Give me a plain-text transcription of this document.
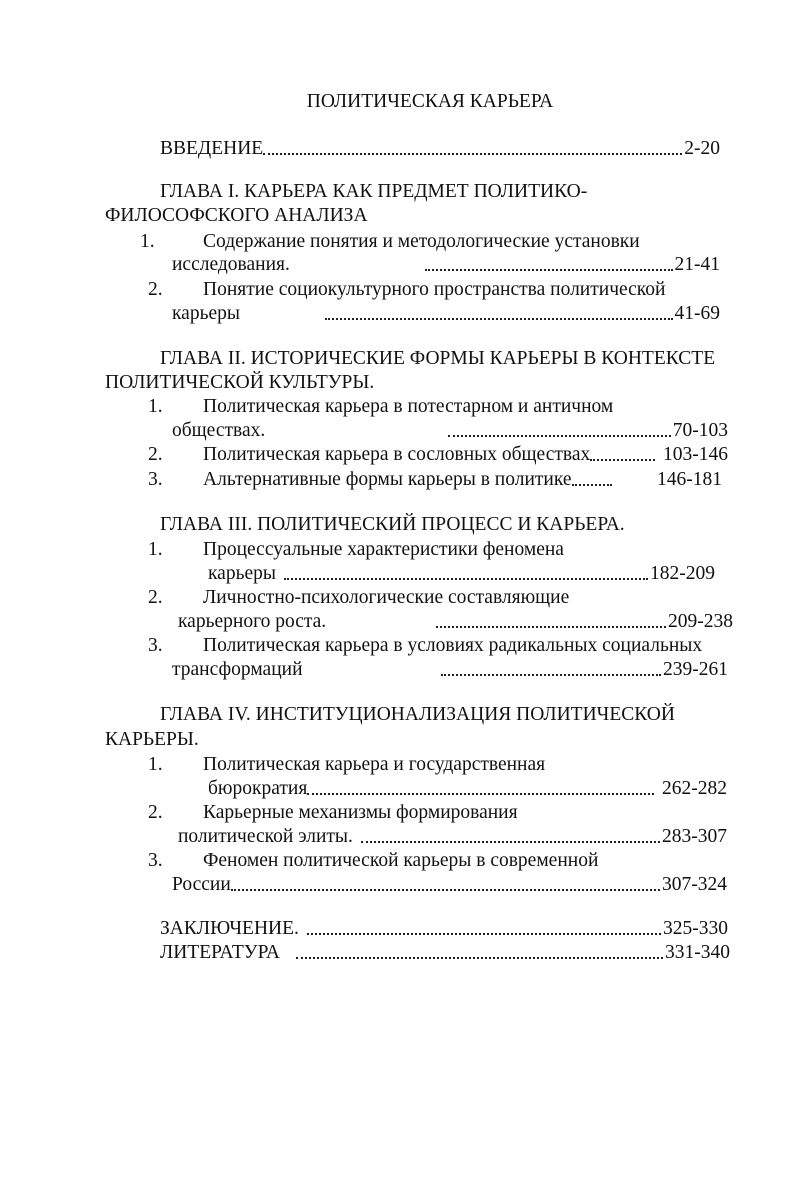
ПОЛИТИЧЕСКАЯ КАРЬЕРА
ВВЕДЕНИЕ	2-20
ГЛАВА I. КАРЬЕРА КАК ПРЕДМЕТ ПОЛИТИКО-
ФИЛОСОФСКОГО АНАЛИЗА
1. Содержание понятия и методологические установки
исследования.	21-41
2. Понятие социокультурного пространства политической
карьеры	41-69
ГЛАВА II. ИСТОРИЧЕСКИЕ ФОРМЫ КАРЬЕРЫ В КОНТЕКСТЕ
ПОЛИТИЧЕСКОЙ КУЛЬТУРЫ.
1. Политическая карьера в потестарном и античном
обществах.	70-103
2. Политическая карьера в сословных обществах	103-146
3. Альтернативные формы карьеры в политике	146-181
ГЛАВА III. ПОЛИТИЧЕСКИЙ ПРОЦЕСС И КАРЬЕРА.
1. Процессуальные характеристики феномена
карьеры	182-209
2. Личностно-психологические составляющие
карьерного роста.	209-238
3. Политическая карьера в условиях радикальных социальных
трансформаций	239-261
ГЛАВА IV. ИНСТИТУЦИОНАЛИЗАЦИЯ ПОЛИТИЧЕСКОЙ
КАРЬЕРЫ.
1. Политическая карьера и государственная
бюрократия	262-282
2. Карьерные механизмы формирования
политической элиты.	283-307
3. Феномен политической карьеры в современной
России	307-324
ЗАКЛЮЧЕНИЕ.	325-330
ЛИТЕРАТУРА	331-340
